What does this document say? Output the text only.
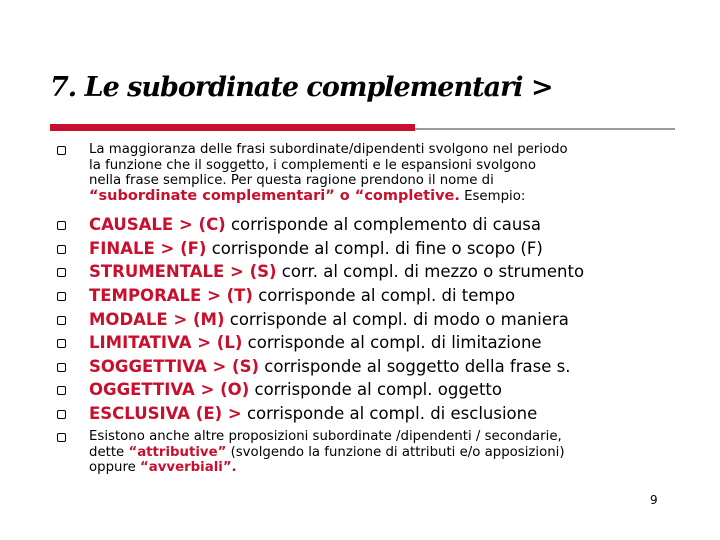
7. Le subordinate complementari >
La maggioranza delle frasi subordinate/dipendenti svolgono nel periodo
la funzione che il soggetto, i complementi e le espansioni svolgono
nella frase semplice. Per questa ragione prendono il nome di
“subordinate complementari” o “completive. Esempio:
CAUSALE > (C) corrisponde al complemento di causa
FINALE > (F) corrisponde al compl. di fine o scopo (F)
STRUMENTALE > (S) corr. al compl. di mezzo o strumento
TEMPORALE > (T) corrisponde al compl. di tempo
MODALE > (M) corrisponde al compl. di modo o maniera
LIMITATIVA > (L) corrisponde al compl. di limitazione
SOGGETTIVA > (S) corrisponde al soggetto della frase s.
OGGETTIVA > (O) corrisponde al compl. oggetto
ESCLUSIVA (E) > corrisponde al compl. di esclusione
Esistono anche altre proposizioni subordinate /dipendenti / secondarie,
dette “attributive” (svolgendo la funzione di attributi e/o apposizioni)
oppure “avverbiali”.
9
